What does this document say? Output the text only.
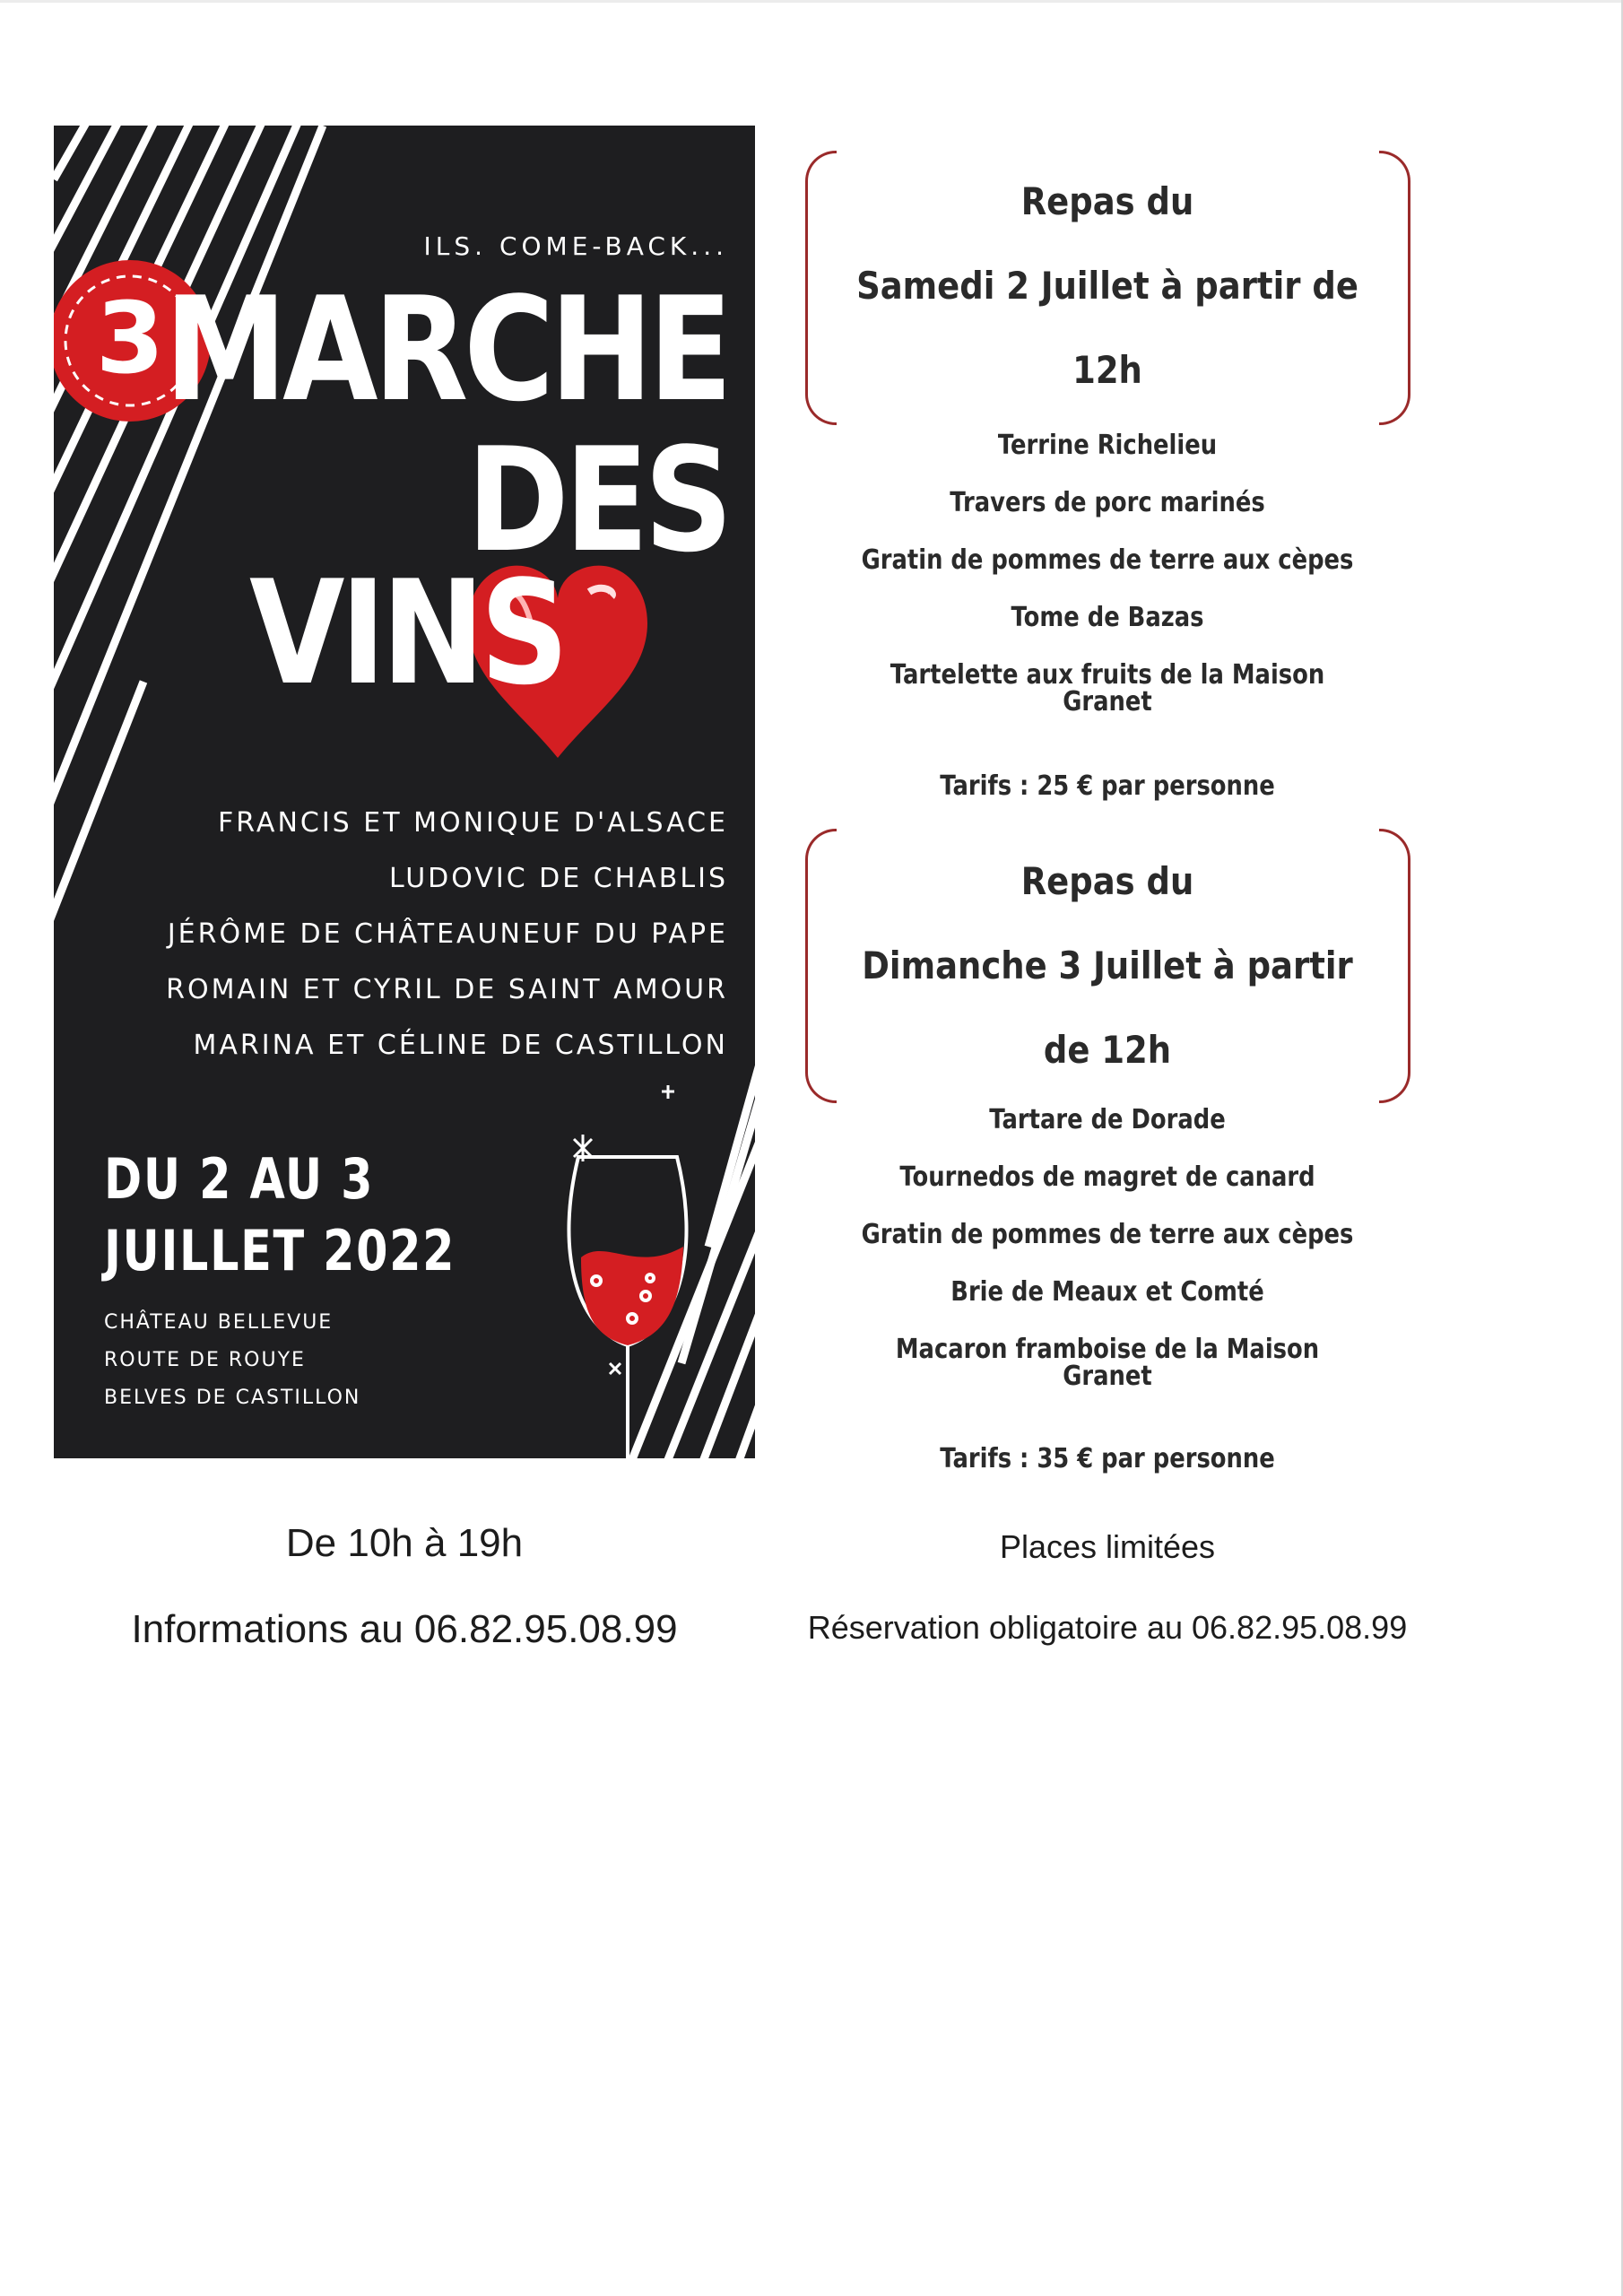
ILS. COME-BACK...
3 MARCHE
DES
VINS
FRANCIS ET MONIQUE D'ALSACE
LUDOVIC DE CHABLIS
JÉRÔME DE CHÂTEAUNEUF DU PAPE
ROMAIN ET CYRIL DE SAINT AMOUR
MARINA ET CÉLINE DE CASTILLON
DU 2 AU 3
JUILLET 2022
CHÂTEAU BELLEVUE
ROUTE DE ROUYE
BELVES DE CASTILLON
Repas du
Samedi 2 Juillet à partir de
12h
Terrine Richelieu
Travers de porc marinés
Gratin de pommes de terre aux cèpes
Tome de Bazas
Tartelette aux fruits de la Maison Granet
Tarifs : 25 € par personne
Repas du
Dimanche 3 Juillet à partir
de 12h
Tartare de Dorade
Tournedos de magret de canard
Gratin de pommes de terre aux cèpes
Brie de Meaux et Comté
Macaron framboise de la Maison Granet
Tarifs : 35 € par personne
De 10h à 19h
Informations au 06.82.95.08.99
Places limitées
Réservation obligatoire au 06.82.95.08.99
